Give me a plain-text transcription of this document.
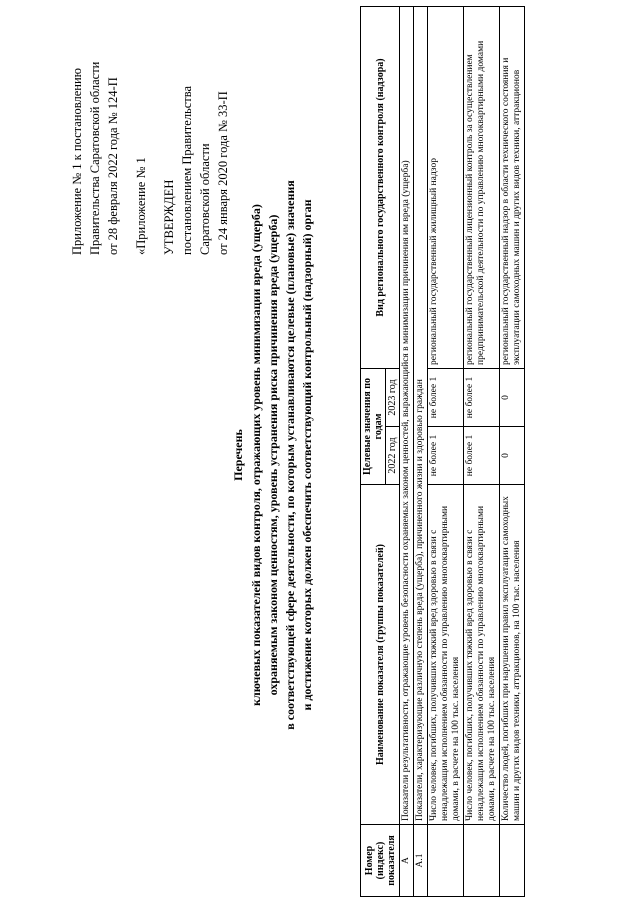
Приложение № 1 к постановлению Правительства Саратовской области от 28 февраля 2022 года № 124-П «Приложение № 1 УТВЕРЖДЕН постановлением Правительства Саратовской области от 24 января 2020 года № 33-П
Перечень ключевых показателей видов контроля, отражающих уровень минимизации вреда (ущерба) охраняемым законом ценностям, уровень устранения риска причинения вреда (ущерба) в соответствующей сфере деятельности, по которым устанавливаются целевые (плановые) значения и достижение которых должен обеспечить соответствующий контрольный (надзорный) орган
Номер (индекс) показателя	Наименование показателя (группы показателей)	Целевые значения по годам		Вид регионального государственного контроля (надзора)
		2022 год	2023 год	
А	Показатели результативности, отражающие уровень безопасности охраняемых законом ценностей, выражающийся в минимизации причинения им вреда (ущерба)			
А.1	Показатели, характеризующие различную степень вреда (ущерба), причиненного жизни и здоровью граждан			
	Число человек, погибших, получивших тяжкий вред здоровью в связи с ненадлежащим исполнением обязанности по управлению многоквартирными домами, в расчете на 100 тыс. населения	не более 1	не более 1	региональный государственный жилищный надзор
	Число человек, погибших, получивших тяжкий вред здоровью в связи с ненадлежащим исполнением обязанности по управлению многоквартирными домами, в расчете на 100 тыс. населения	не более 1	не более 1	региональный государственный лицензионный контроль за осуществлением предпринимательской деятельности по управлению многоквартирными домами
	Количество людей, погибших при нарушении правил эксплуатации самоходных машин и других видов техники, аттракционов, на 100 тыс. населения	0	0	региональный государственный надзор в области технического состояния и эксплуатации самоходных машин и других видов техники, аттракционов
